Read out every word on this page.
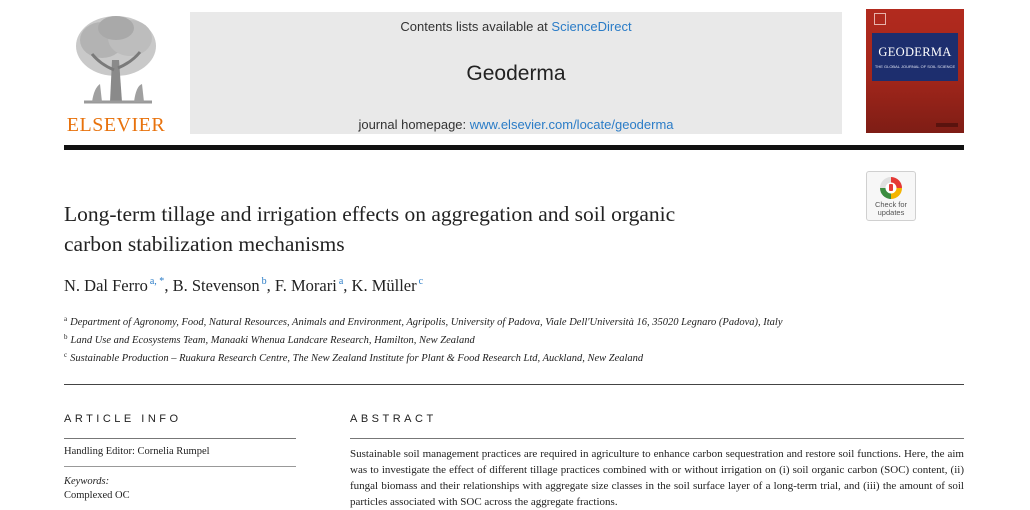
ELSEVIER
Contents lists available at ScienceDirect
Geoderma
journal homepage: www.elsevier.com/locate/geoderma
GEODERMA
THE GLOBAL JOURNAL OF SOIL SCIENCE
Check for
updates
Long-term tillage and irrigation effects on aggregation and soil organic
carbon stabilization mechanisms
N. Dal Ferro $^{a, *}$, B. Stevenson $^b$, F. Morari $^a$, K. Müller $^c$
$^a$ Department of Agronomy, Food, Natural Resources, Animals and Environment, Agripolis, University of Padova, Viale Dell'Università 16, 35020 Legnaro (Padova), Italy
$^b$ Land Use and Ecosystems Team, Manaaki Whenua Landcare Research, Hamilton, New Zealand
$^c$ Sustainable Production – Ruakura Research Centre, The New Zealand Institute for Plant & Food Research Ltd, Auckland, New Zealand
ARTICLE INFO
Handling Editor: Cornelia Rumpel
Keywords:
Complexed OC
ABSTRACT
Sustainable soil management practices are required in agriculture to enhance carbon sequestration and restore soil functions. Here, the aim was to investigate the effect of different tillage practices combined with or without irrigation on (i) soil organic carbon (SOC) content, (ii) fungal biomass and their relationships with aggregate size classes in the soil surface layer of a long-term trial, and (iii) the amount of soil particles associated with SOC across the aggregate fractions.
